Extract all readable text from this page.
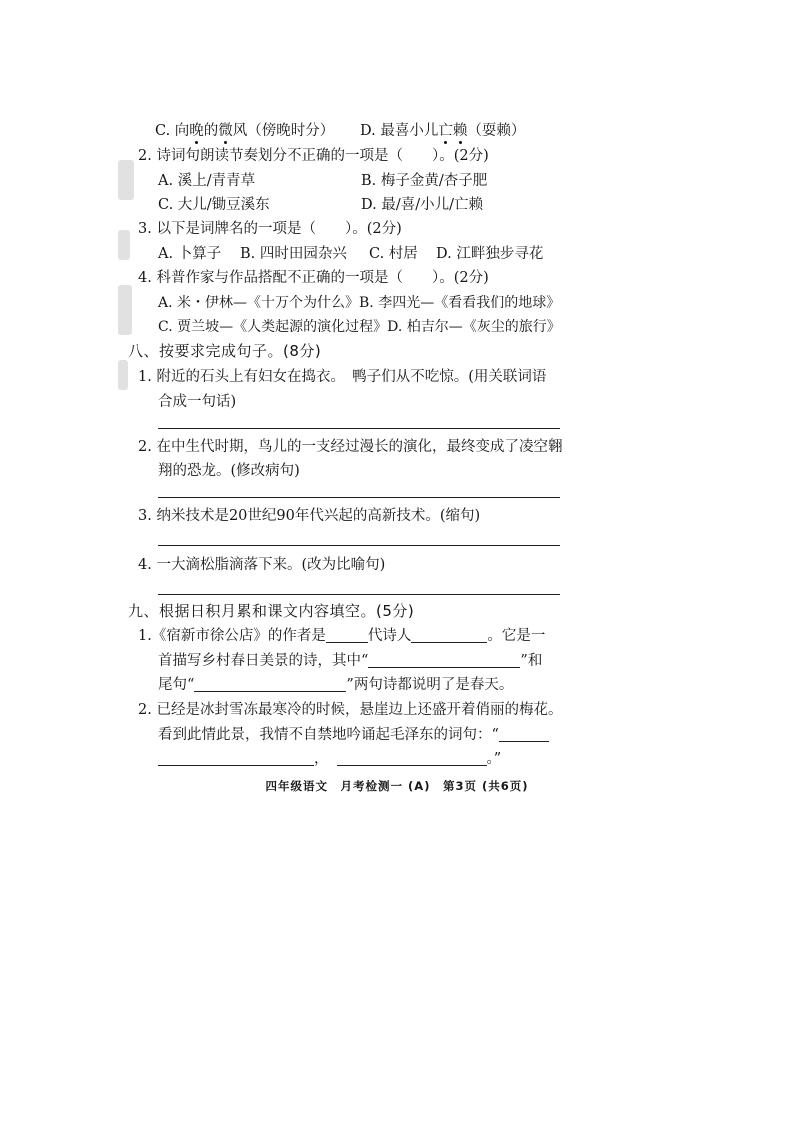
C. 向晚的微风（傍晚时分） D. 最喜小儿亡赖（耍赖）
2. 诗词句朗读节奏划分不正确的一项是（　　）。(2分)
A. 溪上/青青草	B. 梅子金黄/杏子肥
C. 大儿/锄豆溪东	D. 最/喜/小儿/亡赖
3. 以下是词牌名的一项是（　　）。(2分)
A. 卜算子 B. 四时田园杂兴 C. 村居 D. 江畔独步寻花
4. 科普作家与作品搭配不正确的一项是（　　）。(2分)
A. 米・伊林—《十万个为什么》B. 李四光—《看看我们的地球》
C. 贾兰坡—《人类起源的演化过程》D. 柏吉尔—《灰尘的旅行》
八、按要求完成句子。(8分)
1. 附近的石头上有妇女在捣衣。　鸭子们从不吃惊。(用关联词语
合成一句话)
2. 在中生代时期，鸟儿的一支经过漫长的演化，最终变成了凌空翱
翔的恐龙。(修改病句)
3. 纳米技术是20世纪90年代兴起的高新技术。(缩句)
4. 一大滴松脂滴落下来。(改为比喻句)
九、根据日积月累和课文内容填空。(5分)
1.《宿新市徐公店》的作者是	代诗人	。它是一
首描写乡村春日美景的诗，其中“	”和
尾句“	”两句诗都说明了是春天。
2. 已经是冰封雪冻最寒冷的时候，悬崖边上还盛开着俏丽的梅花。
看到此情此景，我情不自禁地吟诵起毛泽东的词句：“
，	。”
四年级语文　月考检测一 (A)　第3页 (共6页)
